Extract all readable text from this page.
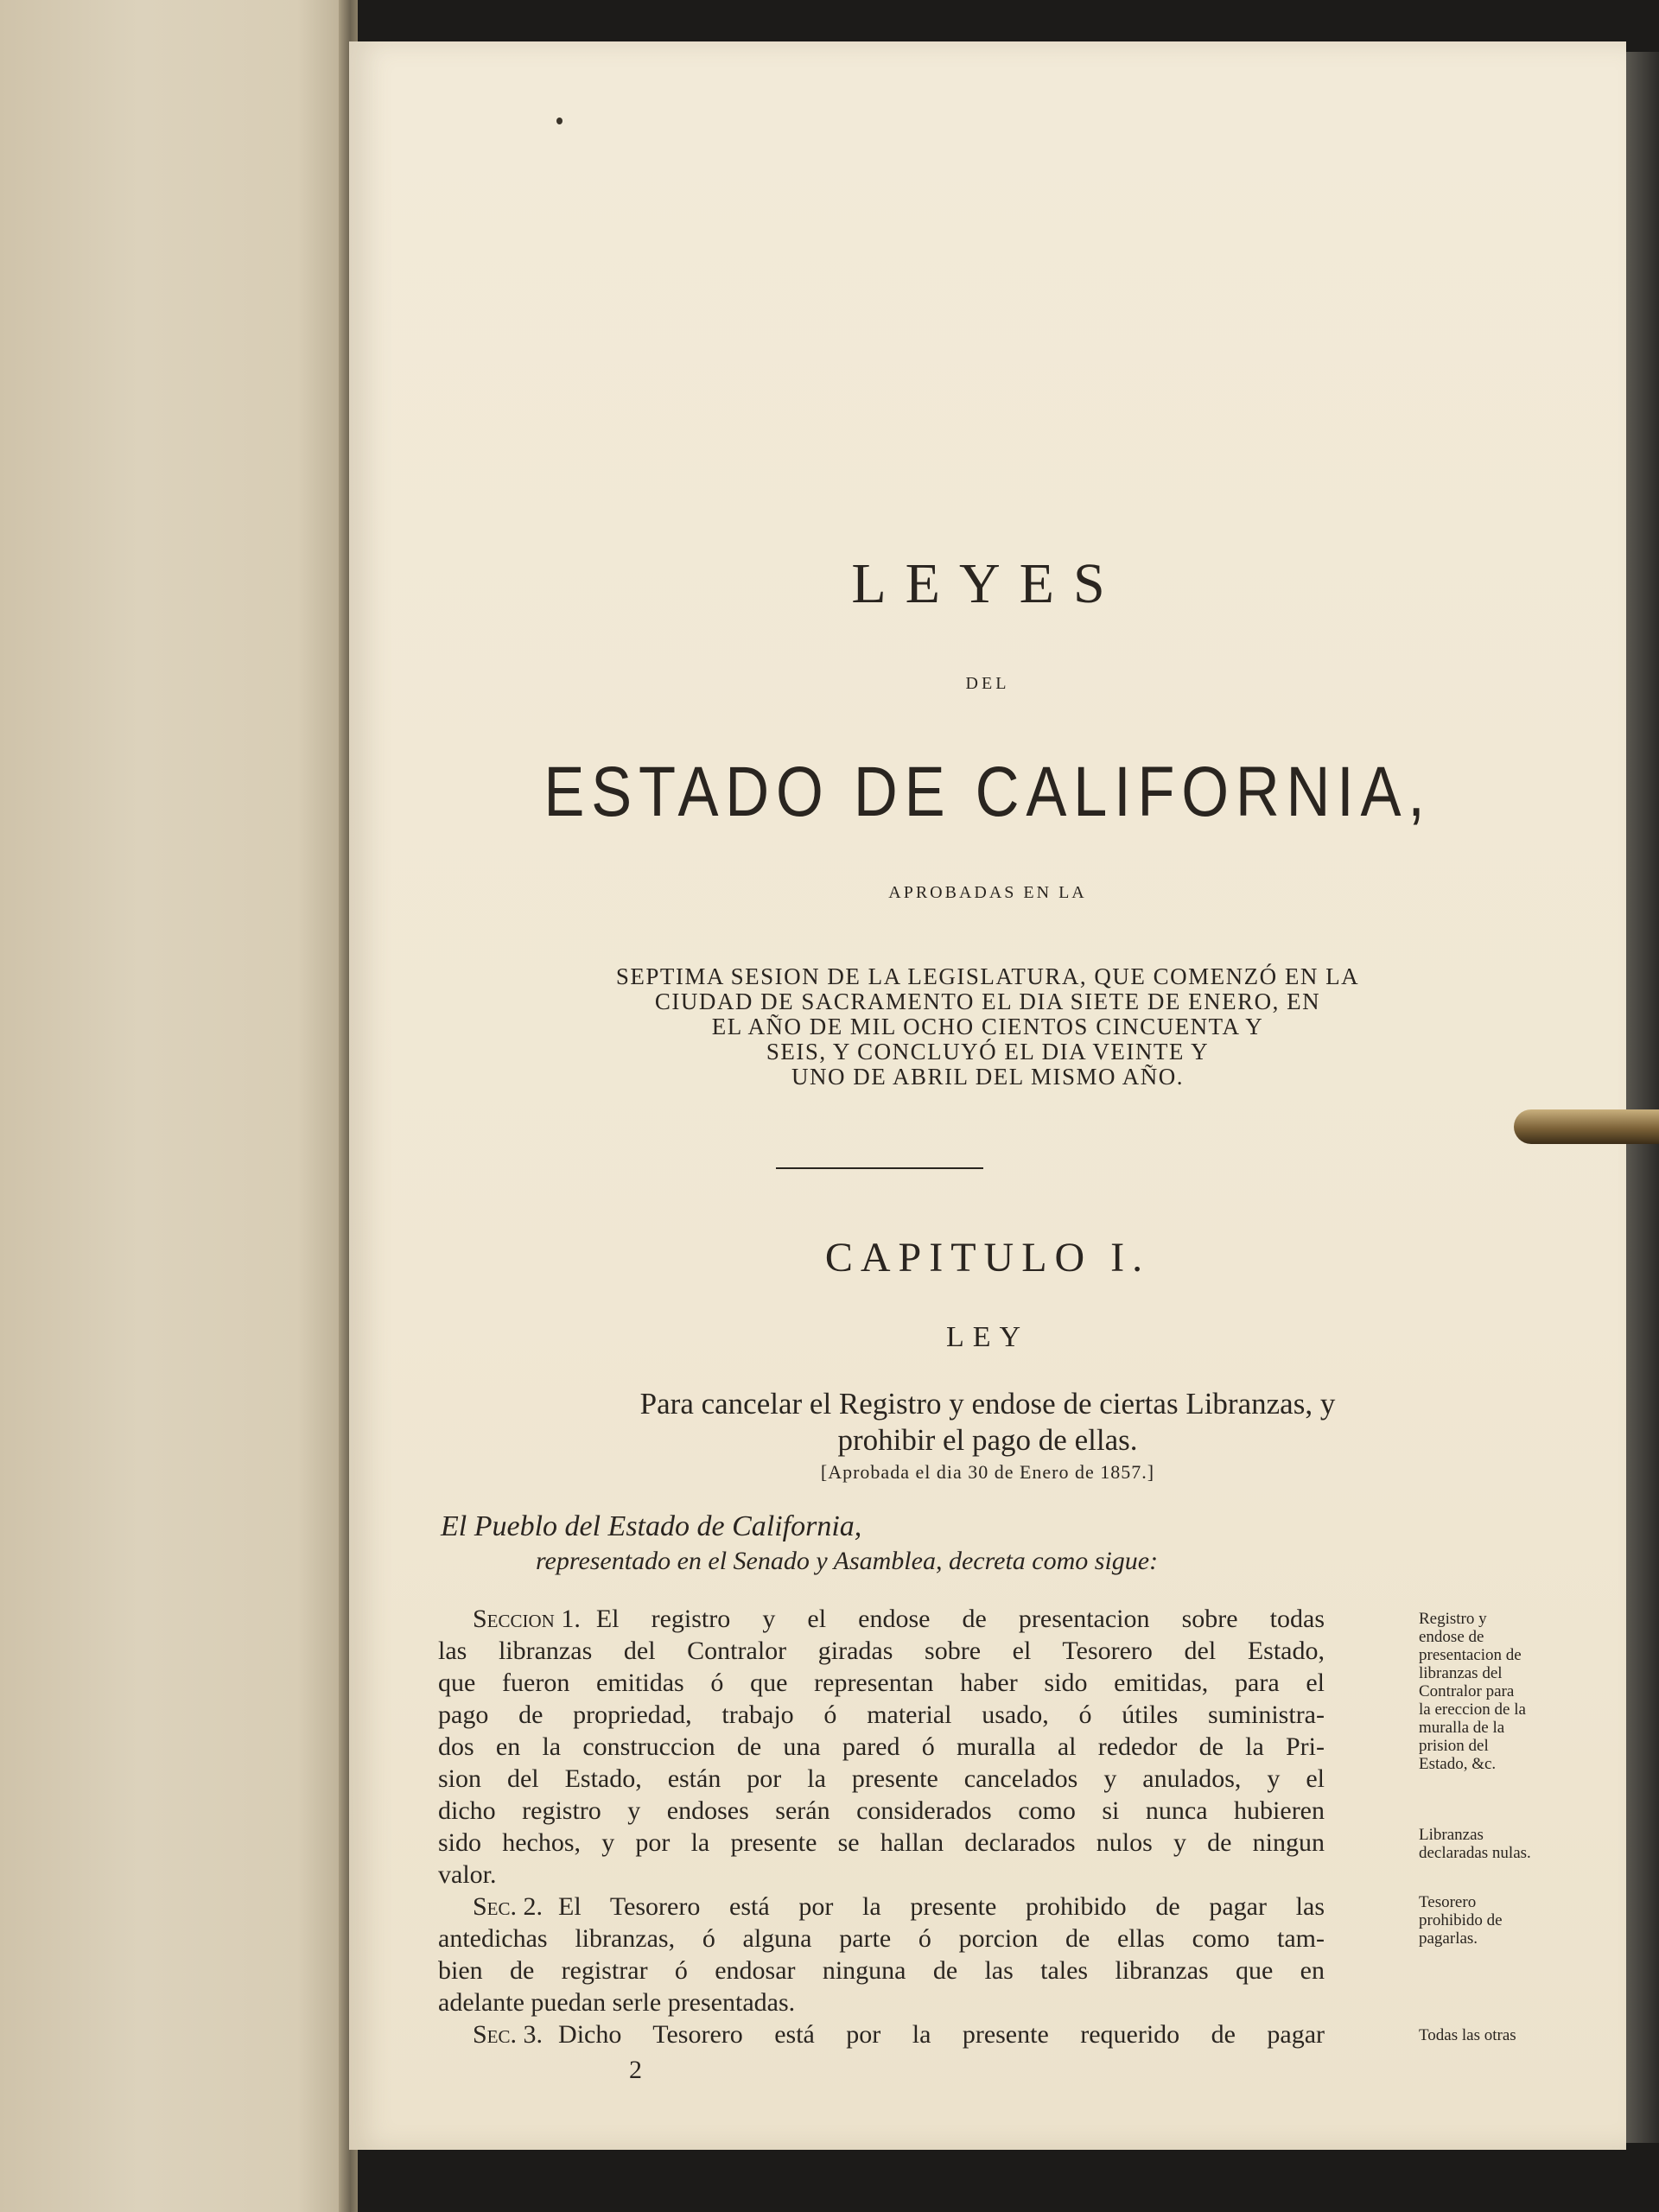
LEYES
DEL
ESTADO DE CALIFORNIA,
APROBADAS EN LA
SEPTIMA SESION DE LA LEGISLATURA, QUE COMENZÓ EN LA
CIUDAD DE SACRAMENTO EL DIA SIETE DE ENERO, EN
EL AÑO DE MIL OCHO CIENTOS CINCUENTA Y
SEIS, Y CONCLUYÓ EL DIA VEINTE Y
UNO DE ABRIL DEL MISMO AÑO.
CAPITULO I.
LEY
Para cancelar el Registro y endose de ciertas Libranzas, y
prohibir el pago de ellas.
[Aprobada el dia 30 de Enero de 1857.]
El Pueblo del Estado de California,
representado en el Senado y Asamblea, decreta como sigue:
Seccion 1. El registro y el endose de presentacion sobre todas
las libranzas del Contralor giradas sobre el Tesorero del Estado,
que fueron emitidas ó que representan haber sido emitidas, para el
pago de propriedad, trabajo ó material usado, ó útiles suministra-
dos en la construccion de una pared ó muralla al rededor de la Pri-
sion del Estado, están por la presente cancelados y anulados, y el
dicho registro y endoses serán considerados como si nunca hubieren
sido hechos, y por la presente se hallan declarados nulos y de ningun
valor.
Sec. 2. El Tesorero está por la presente prohibido de pagar las
antedichas libranzas, ó alguna parte ó porcion de ellas como tam-
bien de registrar ó endosar ninguna de las tales libranzas que en
adelante puedan serle presentadas.
Sec. 3. Dicho Tesorero está por la presente requerido de pagar
Registro y
endose de
presentacion de
libranzas del
Contralor para
la ereccion de la
muralla de la
prision del
Estado, &c.
Libranzas
declaradas nulas.
Tesorero
prohibido de
pagarlas.
Todas las otras
2
